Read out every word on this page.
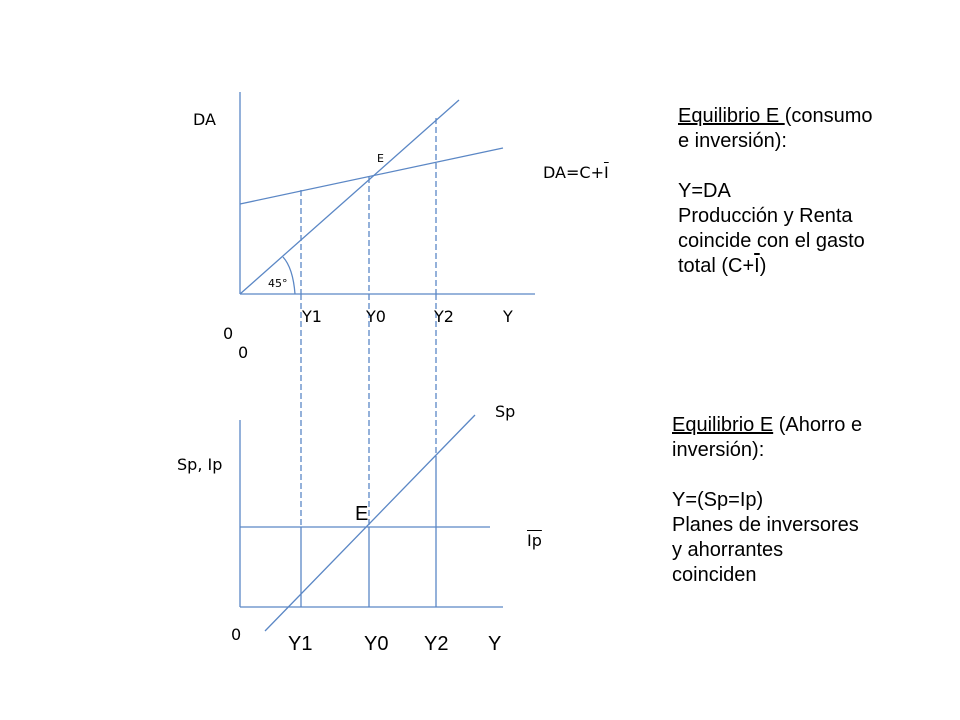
DA
E
45°
$DA=C+\overline{I}$
Y1	Y0	Y2	Y
0
0
Sp
Sp, Ip
E
$\overline{Ip}$
0 Y1	Y0 Y2 Y

Equilibrio E (consumo

e inversión):

Y=DA

Producción y Renta

coincide con el gasto

total $(C+\overline{I})$

Equilibrio E (Ahorro e

inversión):

Y=(Sp=Ip)

Planes de inversores

y ahorrantes

coinciden
